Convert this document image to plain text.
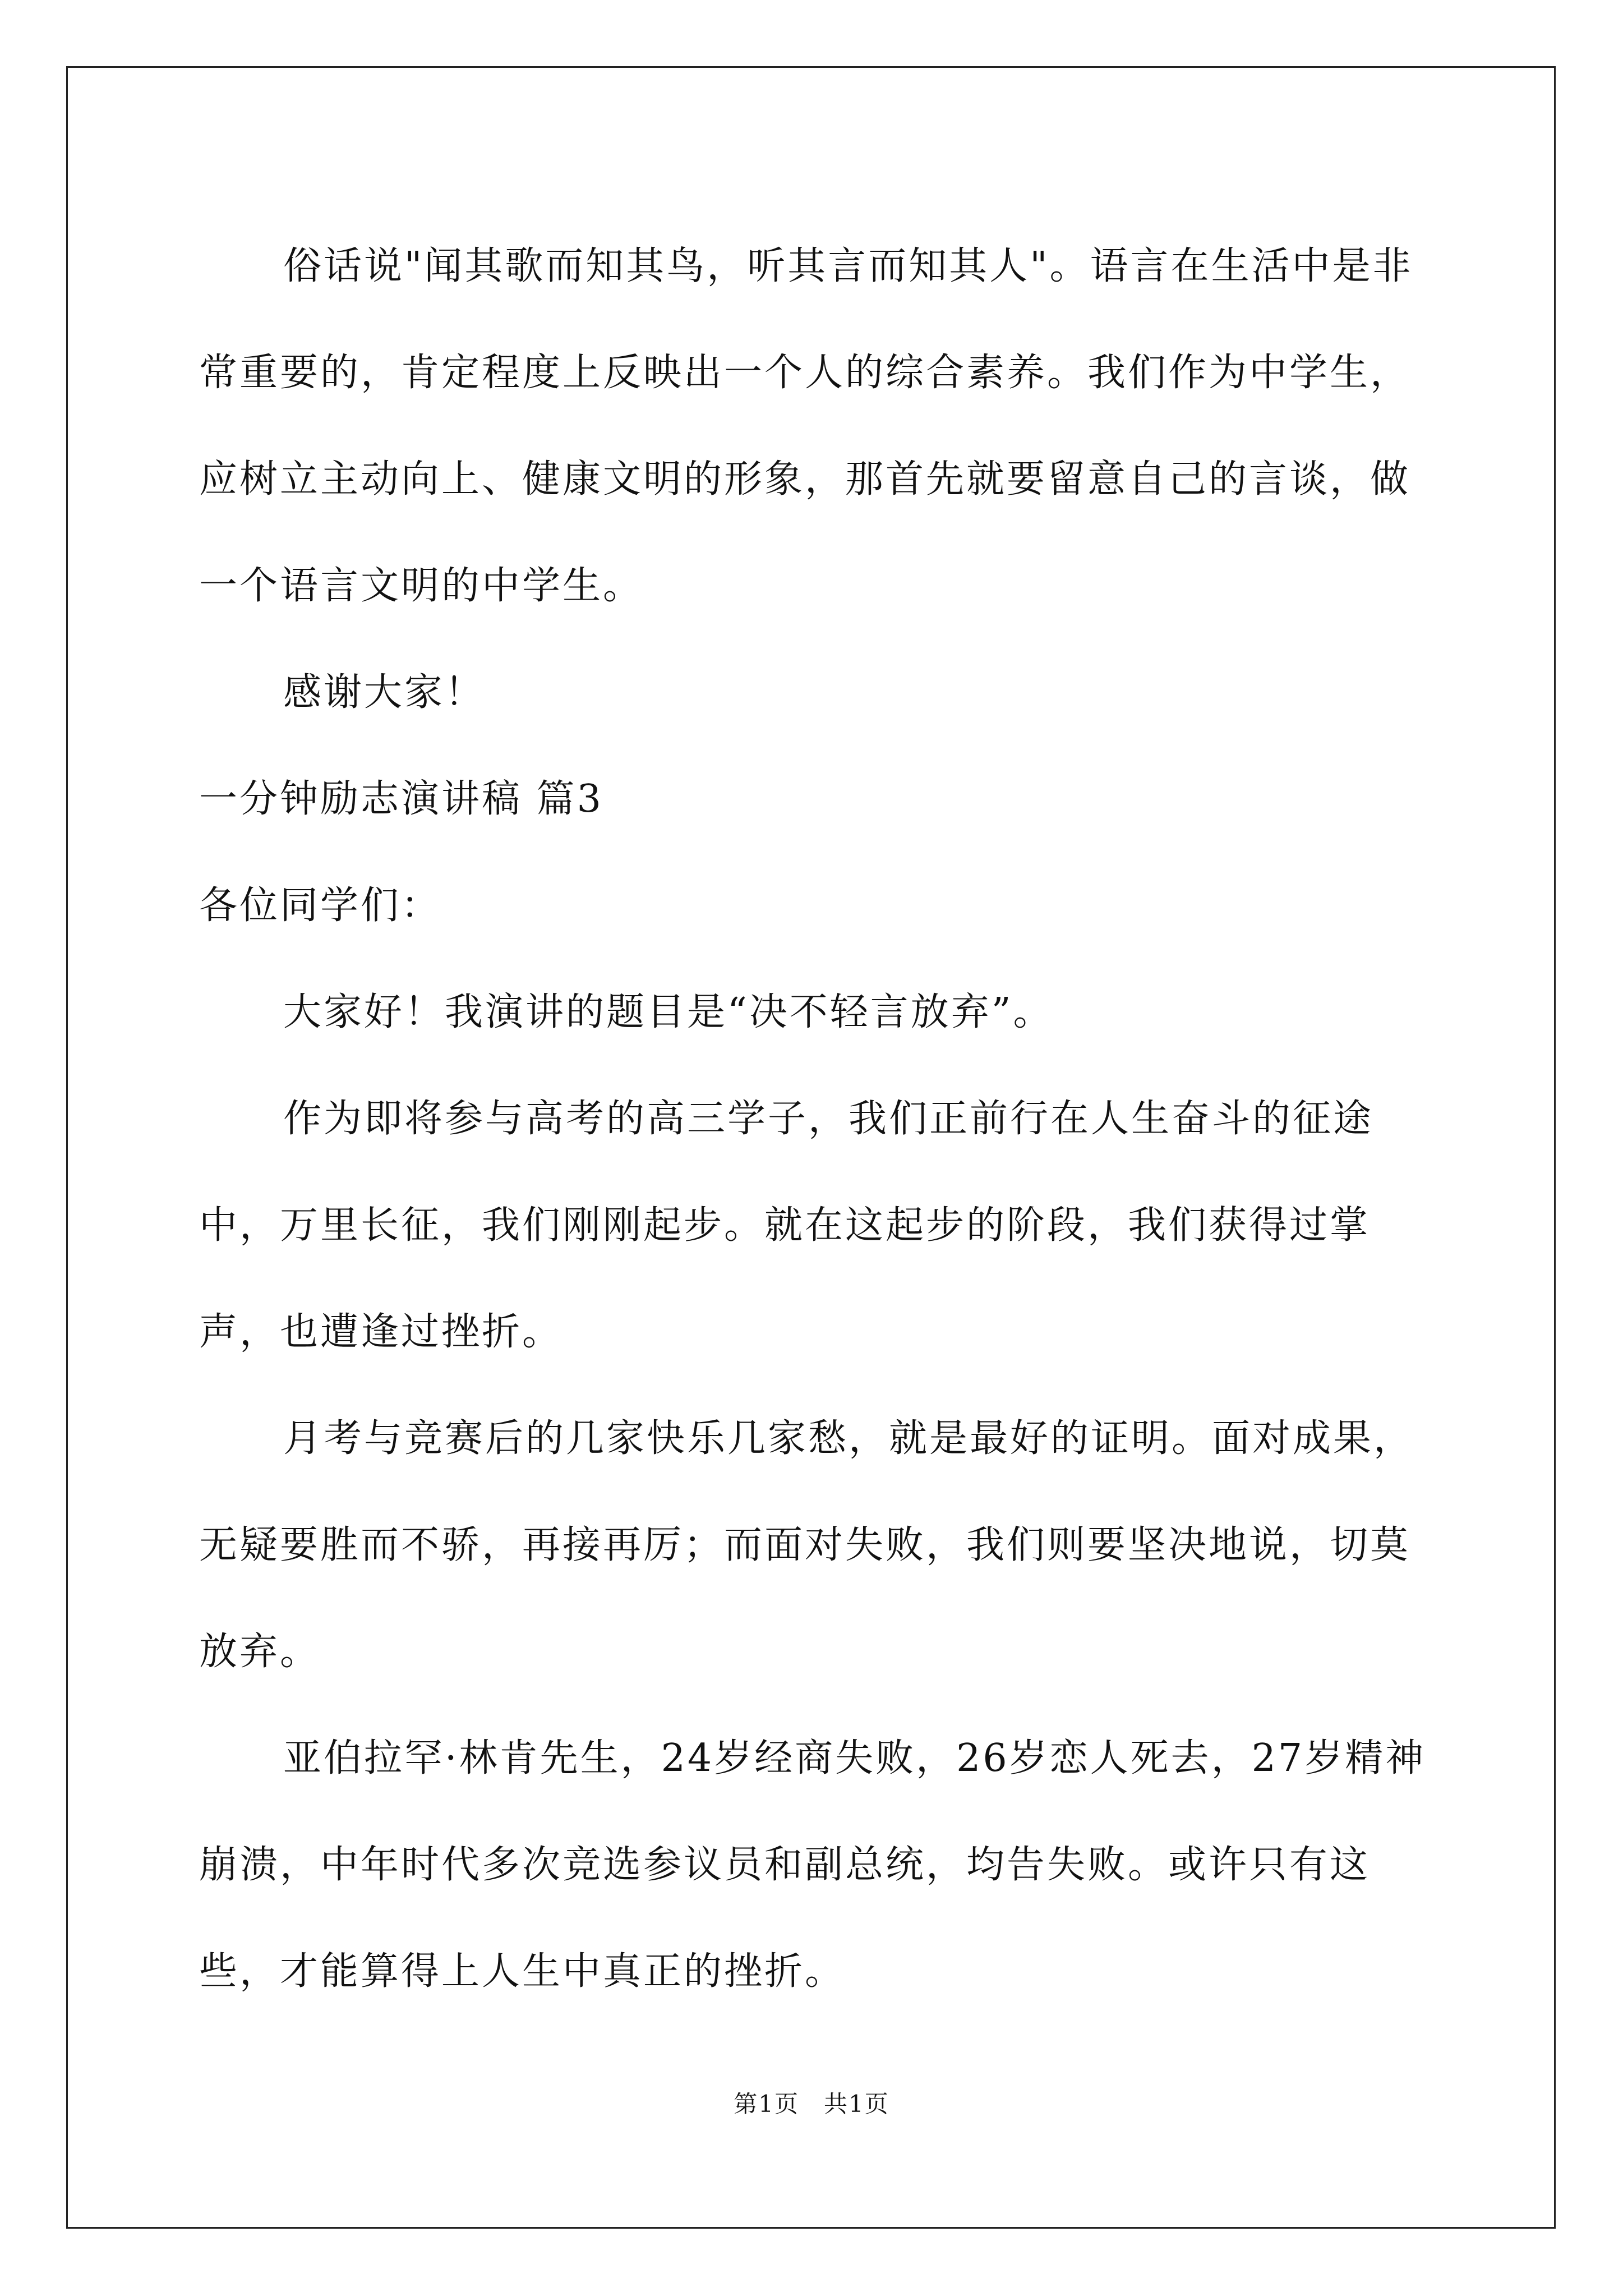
俗话说"闻其歌而知其鸟，听其言而知其人"。语言在生活中是非常重要的，肯定程度上反映出一个人的综合素养。我们作为中学生，应树立主动向上、健康文明的形象，那首先就要留意自己的言谈，做一个语言文明的中学生。

感谢大家！

一分钟励志演讲稿 篇3

各位同学们：

大家好！我演讲的题目是“决不轻言放弃”。

作为即将参与高考的高三学子，我们正前行在人生奋斗的征途中，万里长征，我们刚刚起步。就在这起步的阶段，我们获得过掌声，也遭逢过挫折。

月考与竞赛后的几家快乐几家愁，就是最好的证明。面对成果，无疑要胜而不骄，再接再厉；而面对失败，我们则要坚决地说，切莫放弃。

亚伯拉罕·林肯先生，24岁经商失败，26岁恋人死去，27岁精神崩溃，中年时代多次竞选参议员和副总统，均告失败。或许只有这些，才能算得上人生中真正的挫折。

第1页　共1页
